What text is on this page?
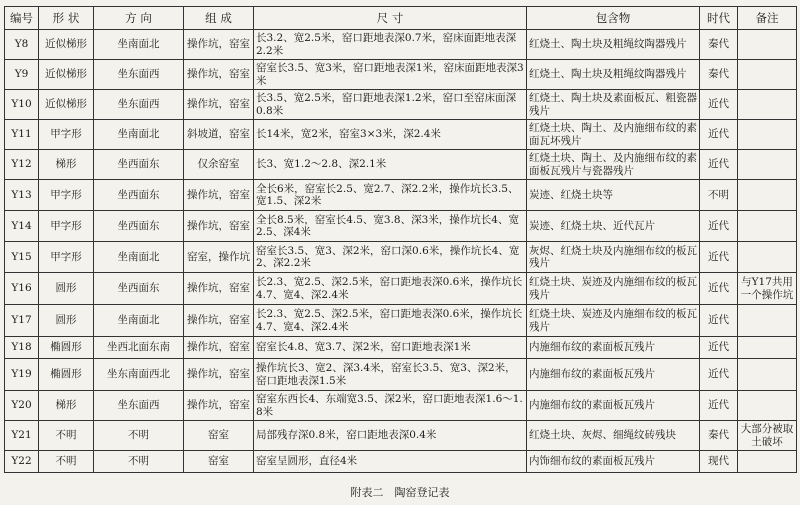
编号	形 状	方 向	组 成	尺 寸	包含物	时代	备注
Y8	近似梯形	坐南面北	操作坑，窑室	长3.2、宽2.5米，窑口距地表深0.7米，窑床面距地表深2.2米	红烧土、陶土块及粗绳纹陶器残片	秦代	
Y9	近似梯形	坐东面西	操作坑，窑室	窑室长3.5、宽3米，窑口距地表深1米，窑床面距地表深3米	红烧土、陶土块及粗绳纹陶器残片	秦代	
Y10	近似梯形	坐东面西	操作坑，窑室	长3.5、宽2.5米，窑口距地表深1.2米，窑口至窑床面深0.8米	红烧土、陶土块及素面板瓦、粗瓷器残片	近代	
Y11	甲字形	坐南面北	斜坡道，窑室	长14米，宽2米，窑室3×3米，深2.4米	红烧土块、陶土、及内施细布纹的素面瓦坏残片	近代	
Y12	梯形	坐西面东	仅余窑室	长3、宽1.2～2.8、深2.1米	红烧土块、陶土、及内施细布纹的素面板瓦残片与瓷器残片	近代	
Y13	甲字形	坐西面东	操作坑，窑室	全长6米，窑室长2.5、宽2.7、深2.2米，操作坑长3.5、宽1.5、深2米	炭迹、红烧土块等	不明	
Y14	甲字形	坐西面东	操作坑，窑室	全长8.5米，窑室长4.5、宽3.8、深3米，操作坑长4、宽2.5、深4米	炭迹、红烧土块、近代瓦片	近代	
Y15	甲字形	坐南面北	窑室，操作坑	窑室长3.5、宽3、深2米，窑口深0.6米，操作坑长4、宽2、深2.2米	灰烬、红烧土块及内施细布纹的板瓦残片	近代	
Y16	圆形	坐西面东	操作坑，窑室	长2.3、宽2.5、深2.5米，窑口距地表深0.6米，操作坑长4.7、宽4、深2.4米	红烧土块、炭迹及内施细布纹的板瓦残片	近代	与Y17共用一个操作坑
Y17	圆形	坐南面北	操作坑，窑室	长2.3、宽2.5、深2.5米，窑口距地表深0.6米，操作坑长4.7、宽4、深2.4米	红烧土块、炭迹及内施细布纹的板瓦残片	近代	
Y18	椭圆形	坐西北面东南	操作坑，窑室	窑室长4.8、宽3.7、深2米，窑口距地表深1米	内施细布纹的素面板瓦残片	近代	
Y19	椭圆形	坐东南面西北	操作坑，窑室	操作坑长3、宽2、深3.4米，窑室长3.5、宽3、深2米，窑口距地表深1.5米	内施细布纹的素面板瓦残片	近代	
Y20	梯形	坐东面西	操作坑，窑室	窑室东西长4、东端宽3.5、深2米，窑口距地表深1.6～1.8米	内施细布纹的素面板瓦残片	近代	
Y21	不明	不明	窑室	局部残存深0.8米，窑口距地表深0.4米	红烧土块、灰烬、细绳纹砖残块	秦代	大部分被取土破坏
Y22	不明	不明	窑室	窑室呈圆形，直径4米	内饰细布纹的素面板瓦残片	现代	
附表二　陶窑登记表
